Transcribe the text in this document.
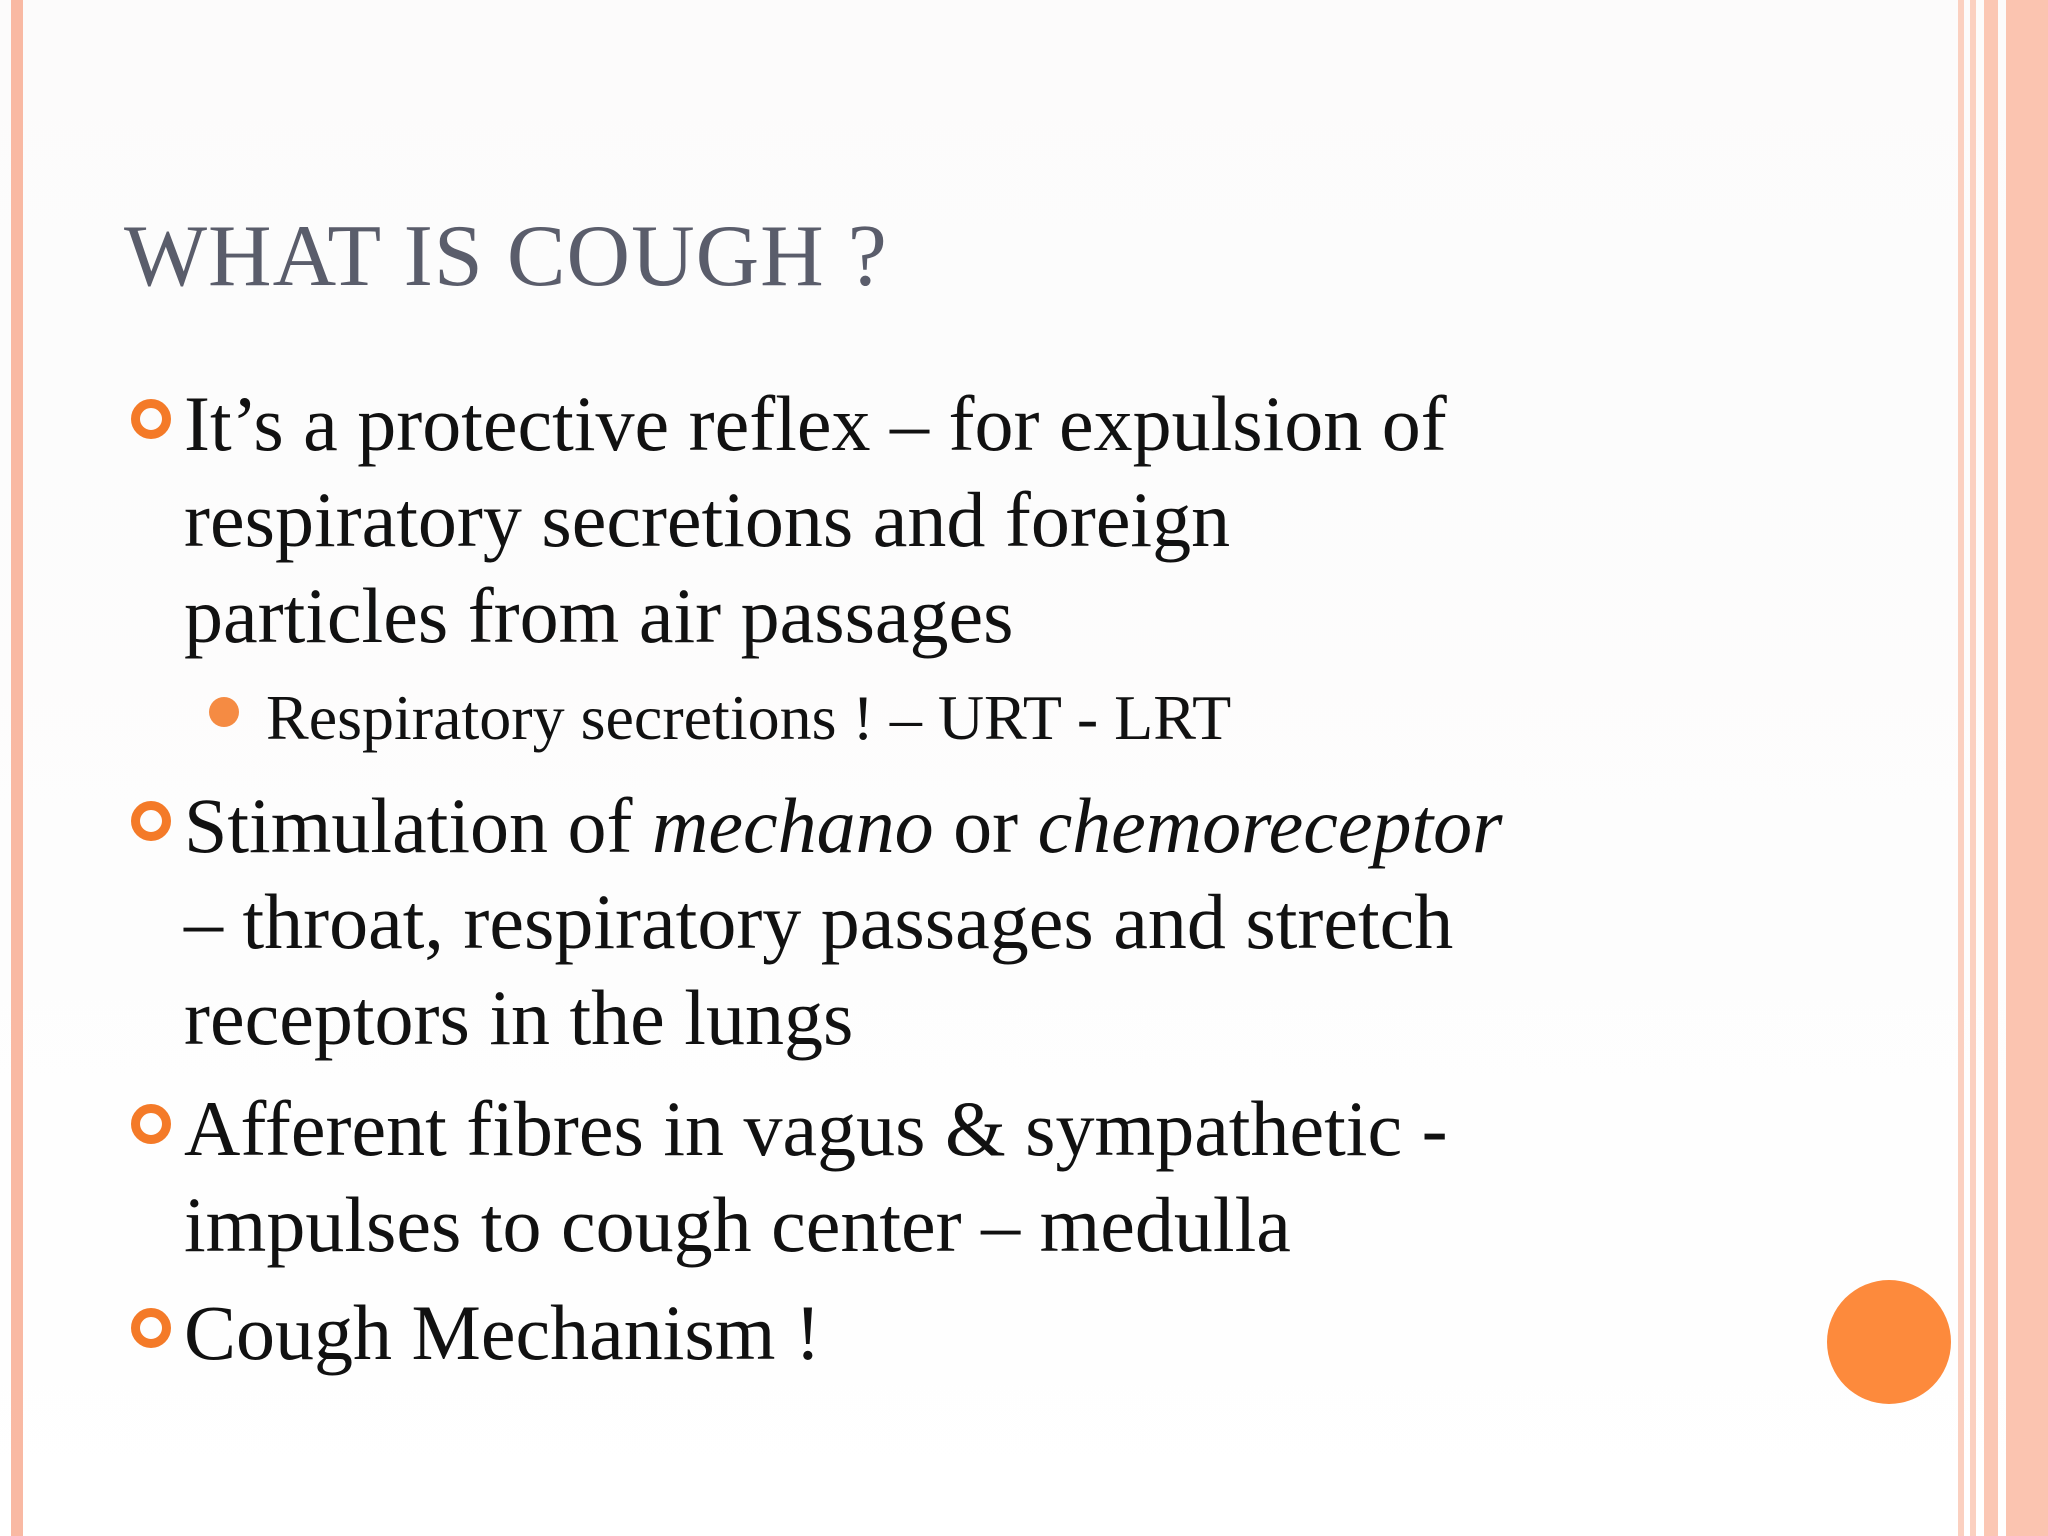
WHAT IS COUGH ?
It’s a protective reflex – for expulsion of
respiratory secretions and foreign
particles from air passages
Respiratory secretions ! – URT - LRT
Stimulation of mechano or chemoreceptor
– throat, respiratory passages and stretch
receptors in the lungs
Afferent fibres in vagus & sympathetic -
impulses to cough center – medulla
Cough Mechanism !
